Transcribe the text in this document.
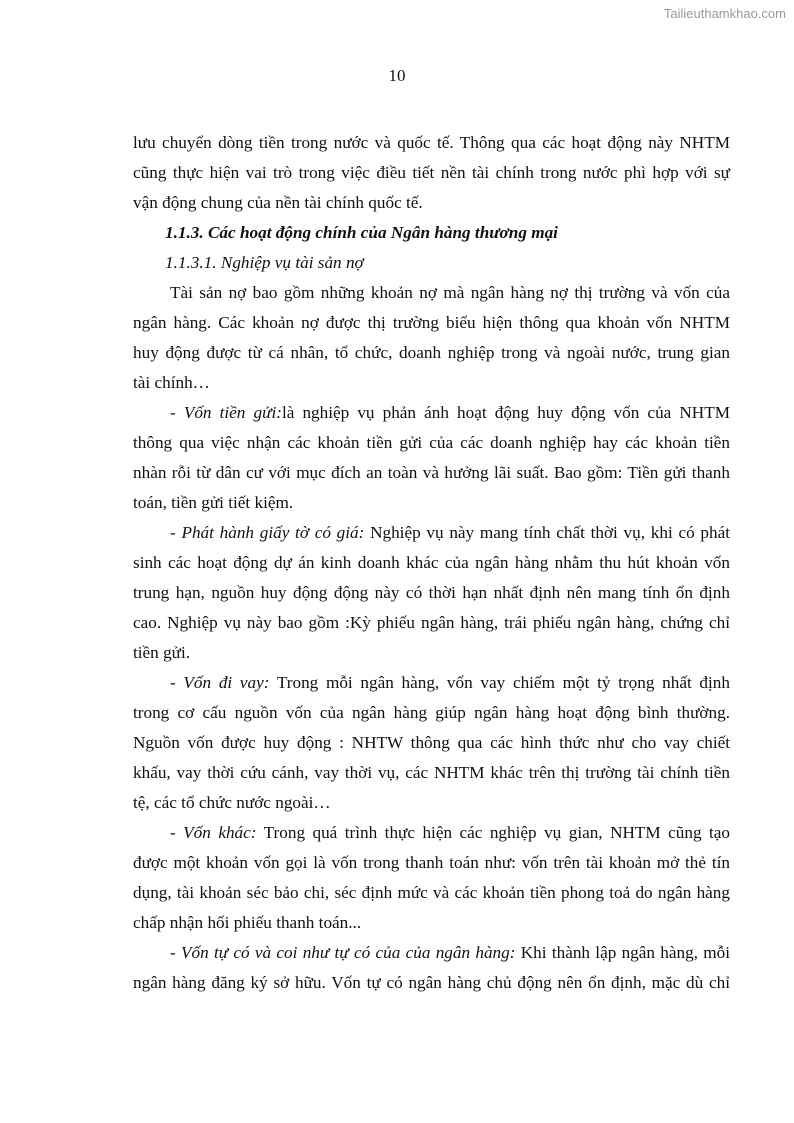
Tailieuthamkhao.com
10
lưu chuyển dòng tiền trong nước và quốc tế. Thông qua các hoạt động này NHTM
cũng thực hiện vai trò trong việc điều tiết nền tài chính trong nước phì hợp với sự
vận động chung của nền tài chính quốc tế.
1.1.3. Các hoạt động chính của Ngân hàng thương mại
1.1.3.1. Nghiệp vụ tài sản nợ
Tài sản nợ bao gồm những khoản nợ mà ngân hàng nợ thị trường và vốn của
ngân hàng. Các khoản nợ được thị trường biểu hiện thông qua khoản vốn NHTM
huy động được từ cá nhân, tổ chức, doanh nghiệp trong và ngoài nước, trung gian
tài chính…
- Vốn tiền gửi:là nghiệp vụ phản ánh hoạt động huy động vốn của NHTM
thông qua việc nhận các khoản tiền gửi của các doanh nghiệp hay các khoản tiền
nhàn rỗi từ dân cư với mục đích an toàn và hưởng lãi suất. Bao gồm: Tiền gửi thanh
toán, tiền gửi tiết kiệm.
- Phát hành giấy tờ có giá: Nghiệp vụ này mang tính chất thời vụ, khi có phát
sinh các hoạt động dự án kinh doanh khác của ngân hàng nhằm thu hút khoản vốn
trung hạn, nguồn huy động động này có thời hạn nhất định nên mang tính ổn định
cao. Nghiệp vụ này bao gồm :Kỳ phiếu ngân hàng, trái phiếu ngân hàng, chứng chỉ
tiền gửi.
- Vốn đi vay: Trong mỗi ngân hàng, vốn vay chiếm một tỷ trọng nhất định
trong cơ cấu nguồn vốn của ngân hàng giúp ngân hàng hoạt động bình thường.
Nguồn vốn được huy động : NHTW thông qua các hình thức như cho vay chiết
khấu, vay thời cứu cánh, vay thời vụ, các NHTM khác trên thị trường tài chính tiền
tệ, các tổ chức nước ngoài…
- Vốn khác: Trong quá trình thực hiện các nghiệp vụ gian, NHTM cũng tạo
được một khoản vốn gọi là vốn trong thanh toán như: vốn trên tài khoản mở thẻ tín
dụng, tài khoản séc bảo chi, séc định mức và các khoản tiền phong toả do ngân hàng
chấp nhận hối phiếu thanh toán...
- Vốn tự có và coi như tự có của của ngân hàng: Khi thành lập ngân hàng, mỗi
ngân hàng đăng ký sở hữu. Vốn tự có ngân hàng chủ động nên ổn định, mặc dù chỉ
